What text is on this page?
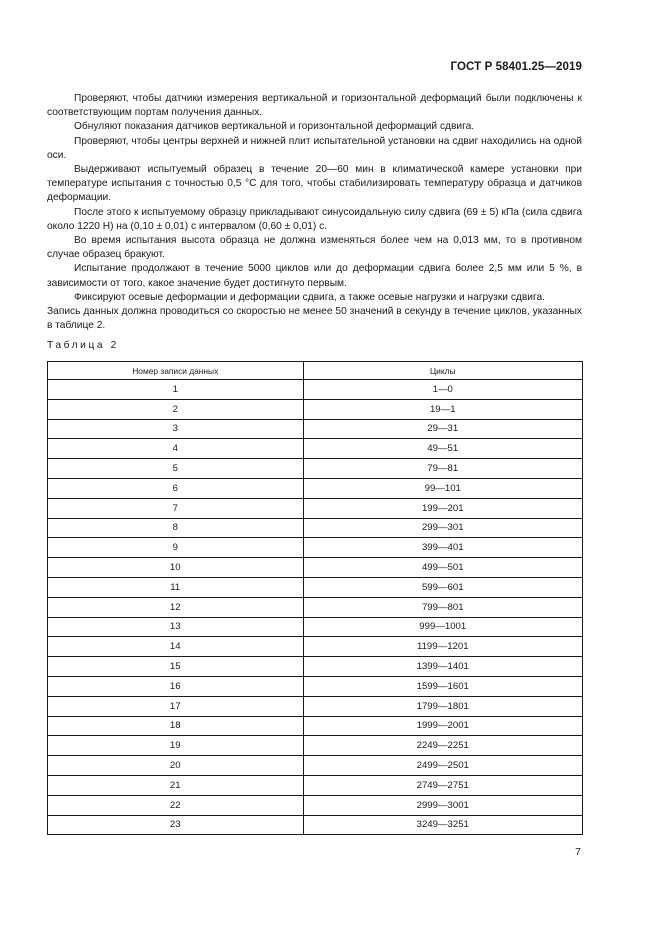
ГОСТ Р 58401.25—2019

Проверяют, чтобы датчики измерения вертикальной и горизонтальной деформаций были подключены к соответствующим портам получения данных.

Обнуляют показания датчиков вертикальной и горизонтальной деформаций сдвига.

Проверяют, чтобы центры верхней и нижней плит испытательной установки на сдвиг находились на одной оси.

Выдерживают испытуемый образец в течение 20—60 мин в климатической камере установки при температуре испытания с точностью 0,5 °С для того, чтобы стабилизировать температуру образца и датчиков деформации.

После этого к испытуемому образцу прикладывают синусоидальную силу сдвига (69 ± 5) кПа (сила сдвига около 1220 Н) на (0,10 ± 0,01) с интервалом (0,60 ± 0,01) с.

Во время испытания высота образца не должна изменяться более чем на 0,013 мм, то в противном случае образец бракуют.

Испытание продолжают в течение 5000 циклов или до деформации сдвига более 2,5 мм или 5 %, в зависимости от того, какое значение будет достигнуто первым.

Фиксируют осевые деформации и деформации сдвига, а также осевые нагрузки и нагрузки сдвига.

Запись данных должна проводиться со скоростью не менее 50 значений в секунду в течение циклов, указанных в таблице 2.

Таблица 2
Номер записи данных	Циклы
1	1—0
2	19—1
3	29—31
4	49—51
5	79—81
6	99—101
7	199—201
8	299—301
9	399—401
10	499—501
11	599—601
12	799—801
13	999—1001
14	1199—1201
15	1399—1401
16	1599—1601
17	1799—1801
18	1999—2001
19	2249—2251
20	2499—2501
21	2749—2751
22	2999—3001
23	3249—3251
7
